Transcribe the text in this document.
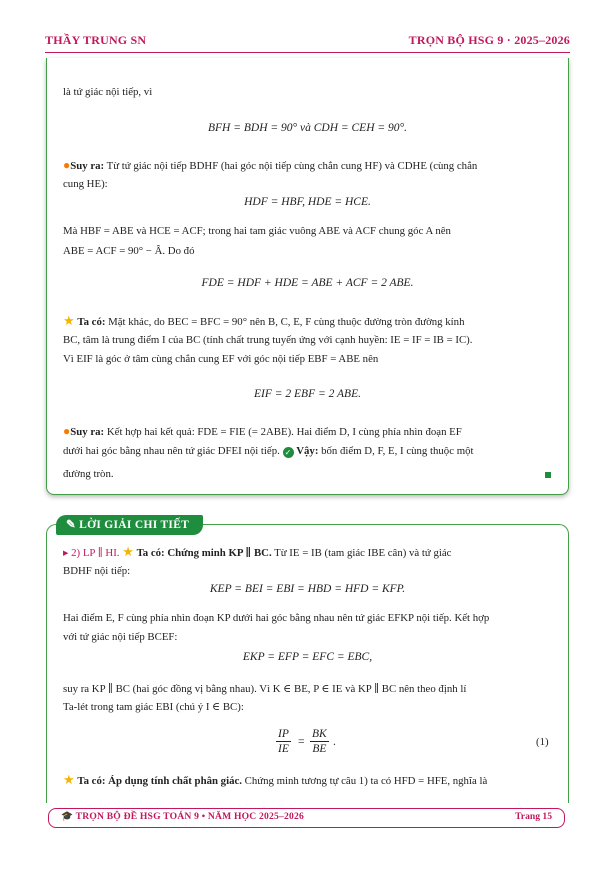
THẦY TRUNG SN	TRỌN BỘ HSG 9 · 2025–2026
là tứ giác nội tiếp, vì
BFH = BDH = 90° và CDH = CEH = 90°.
●Suy ra: Từ tứ giác nội tiếp BDHF (hai góc nội tiếp cùng chắn cung HF) và CDHE (cùng chắn
cung HE):
HDF = HBF, HDE = HCE.
Mà HBF = ABE và HCE = ACF; trong hai tam giác vuông ABE và ACF chung góc A nên
ABE = ACF = 90° − Â. Do đó
FDE = HDF + HDE = ABE + ACF = 2 ABE.
★ Ta có: Mặt khác, do BEC = BFC = 90° nên B, C, E, F cùng thuộc đường tròn đường kính
BC, tâm là trung điểm I của BC (tính chất trung tuyến ứng với cạnh huyền: IE = IF = IB = IC).
Vì EIF là góc ở tâm cùng chắn cung EF với góc nội tiếp EBF = ABE nên
EIF = 2 EBF = 2 ABE.
●Suy ra: Kết hợp hai kết quả: FDE = FIE (= 2ABE). Hai điểm D, I cùng phía nhìn đoạn EF
dưới hai góc bằng nhau nên tứ giác DFEI nội tiếp. ✓ Vậy: bốn điểm D, F, E, I cùng thuộc một
đường tròn.
✎ LỜI GIẢI CHI TIẾT
▸ 2) LP ∥ HI. ★ Ta có: Chứng minh KP ∥ BC. Từ IE = IB (tam giác IBE cân) và tứ giác
BDHF nội tiếp:
KEP = BEI = EBI = HBD = HFD = KFP.
Hai điểm E, F cùng phía nhìn đoạn KP dưới hai góc bằng nhau nên tứ giác EFKP nội tiếp. Kết hợp
với tứ giác nội tiếp BCEF:
EKP = EFP = EFC = EBC,
suy ra KP ∥ BC (hai góc đồng vị bằng nhau). Vì K ∈ BE, P ∈ IE và KP ∥ BC nên theo định lí
Ta-lét trong tam giác EBI (chú ý I ∈ BC):
$\frac{IP}{IE} = \frac{BK}{BE}$ .	(1)
★ Ta có: Áp dụng tính chất phân giác. Chứng minh tương tự câu 1) ta có HFD = HFE, nghĩa là
🎓 TRỌN BỘ ĐỀ HSG TOÁN 9 • NĂM HỌC 2025–2026	Trang 15
